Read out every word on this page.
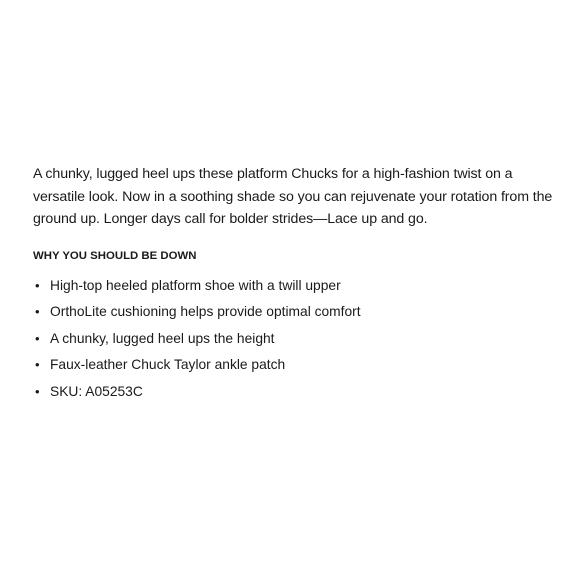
A chunky, lugged heel ups these platform Chucks for a high-fashion twist on a versatile look. Now in a soothing shade so you can rejuvenate your rotation from the ground up. Longer days call for bolder strides—Lace up and go.

WHY YOU SHOULD BE DOWN
• High-top heeled platform shoe with a twill upper
• OrthoLite cushioning helps provide optimal comfort
• A chunky, lugged heel ups the height
• Faux-leather Chuck Taylor ankle patch
• SKU: A05253C
